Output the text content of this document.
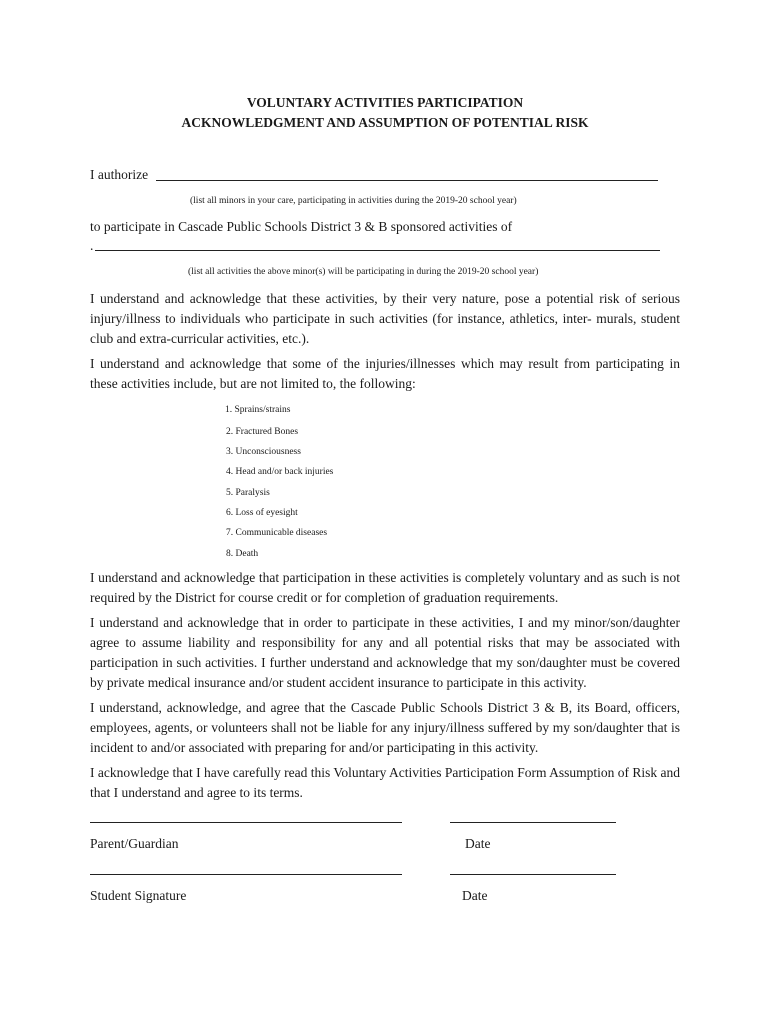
VOLUNTARY ACTIVITIES PARTICIPATION
ACKNOWLEDGMENT AND ASSUMPTION OF POTENTIAL RISK
I authorize
(list all minors in your care, participating in activities during the 2019-20 school year)
to participate in Cascade Public Schools District 3 & B sponsored activities of
.
(list all activities the above minor(s) will be participating in during the 2019-20 school year)
I understand and acknowledge that these activities, by their very nature, pose a potential risk of serious injury/illness to individuals who participate in such activities (for instance, athletics, inter- murals, student club and extra-curricular activities, etc.).
I understand and acknowledge that some of the injuries/illnesses which may result from participating in these activities include, but are not limited to, the following:
1. Sprains/strains
2. Fractured Bones
3. Unconsciousness
4. Head and/or back injuries
5. Paralysis
6. Loss of eyesight
7. Communicable diseases
8. Death
I understand and acknowledge that participation in these activities is completely voluntary and as such is not required by the District for course credit or for completion of graduation requirements.
I understand and acknowledge that in order to participate in these activities, I and my minor/son/daughter agree to assume liability and responsibility for any and all potential risks that may be associated with participation in such activities. I further understand and acknowledge that my son/daughter must be covered by private medical insurance and/or student accident insurance to participate in this activity.
I understand, acknowledge, and agree that the Cascade Public Schools District 3 & B, its Board, officers, employees, agents, or volunteers shall not be liable for any injury/illness suffered by my son/daughter that is incident to and/or associated with preparing for and/or participating in this activity.
I acknowledge that I have carefully read this Voluntary Activities Participation Form Assumption of Risk and that I understand and agree to its terms.
Parent/Guardian	Date
Student Signature	Date
